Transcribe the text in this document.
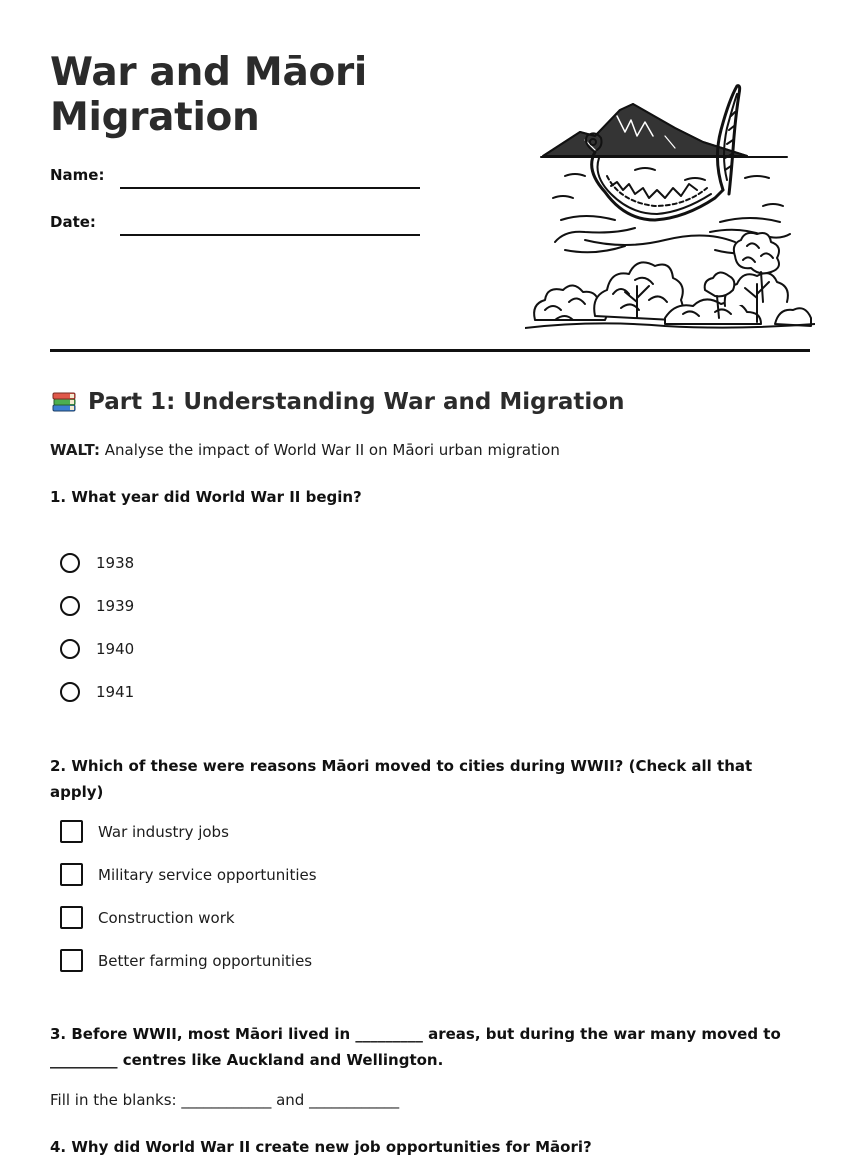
War and Māori Migration
Name:
Date:
Part 1: Understanding War and Migration
WALT: Analyse the impact of World War II on Māori urban migration
1. What year did World War II begin?
1938
1939
1940
1941
2. Which of these were reasons Māori moved to cities during WWII? (Check all that apply)
War industry jobs
Military service opportunities
Construction work
Better farming opportunities
3. Before WWII, most Māori lived in _________ areas, but during the war many moved to _________ centres like Auckland and Wellington.
Fill in the blanks: ____________ and ____________
4. Why did World War II create new job opportunities for Māori?
